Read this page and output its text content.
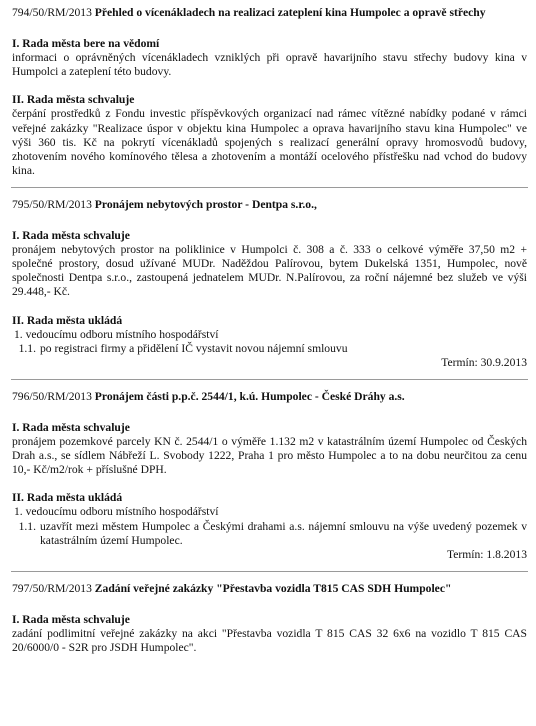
794/50/RM/2013 Přehled o vícenákladech na realizaci zateplení kina Humpolec a opravě střechy
I. Rada města bere na vědomí
informaci o oprávněných vícenákladech vzniklých při opravě havarijního stavu střechy budovy kina v Humpolci a zateplení této budovy.
II. Rada města schvaluje
čerpání prostředků z Fondu investic příspěvkových organizací nad rámec vítězné nabídky podané v rámci veřejné zakázky "Realizace úspor v objektu kina Humpolec a oprava havarijního stavu kina Humpolec" ve výši 360 tis. Kč na pokrytí vícenákladů spojených s realizací generální opravy hromosvodů budovy, zhotovením nového komínového tělesa a zhotovením a montáží ocelového přístřešku nad vchod do budovy kina.
795/50/RM/2013 Pronájem nebytových prostor - Dentpa s.r.o.,
I. Rada města schvaluje
pronájem nebytových prostor na poliklinice v Humpolci č. 308 a č. 333 o celkové výměře 37,50 m2 + společné prostory, dosud užívané MUDr. Naděždou Palírovou, bytem Dukelská 1351, Humpolec, nově společnosti Dentpa s.r.o., zastoupená jednatelem MUDr. N.Palírovou, za roční nájemné bez služeb ve výši 29.448,- Kč.
II. Rada města ukládá
1. vedoucímu odboru místního hospodářství
1.1. po registraci firmy a přidělení IČ vystavit novou nájemní smlouvu
Termín: 30.9.2013
796/50/RM/2013 Pronájem části p.p.č. 2544/1, k.ú. Humpolec - České Dráhy a.s.
I. Rada města schvaluje
pronájem pozemkové parcely KN č. 2544/1 o výměře 1.132 m2 v katastrálním území Humpolec od Českých Drah a.s., se sídlem Nábřeží L. Svobody 1222, Praha 1 pro město Humpolec a to na dobu neurčitou za cenu 10,- Kč/m2/rok + příslušné DPH.
II. Rada města ukládá
1. vedoucímu odboru místního hospodářství
1.1. uzavřít mezi městem Humpolec a Českými drahami a.s. nájemní smlouvu na výše uvedený pozemek v katastrálním území Humpolec.
Termín: 1.8.2013
797/50/RM/2013 Zadání veřejné zakázky "Přestavba vozidla T815 CAS SDH Humpolec"
I. Rada města schvaluje
zadání podlimitní veřejné zakázky na akci "Přestavba vozidla T 815 CAS 32 6x6 na vozidlo T 815 CAS 20/6000/0 - S2R pro JSDH Humpolec".
